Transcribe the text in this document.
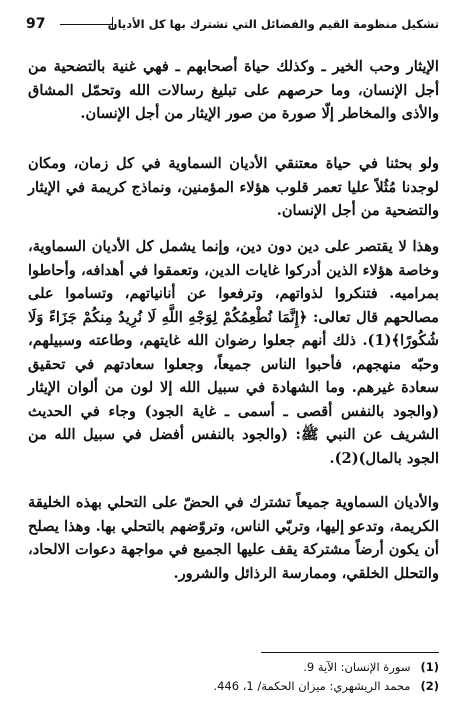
97	تشكيل منظومة القيم والفضائل التي تشترك بها كل الأديان

الإيثار وحب الخير ـ وكذلك حياة أصحابهم ـ فهي غنية بالتضحية من أجل الإنسان، وما حرصهم على تبليغ رسالات الله وتحمّل المشاق والأذى والمخاطر إلّا صورة من صور الإيثار من أجل الإنسان.

ولو بحثنا في حياة معتنقي الأديان السماوية في كل زمان، ومكان لوجدنا مُثُلاً عليا تعمر قلوب هؤلاء المؤمنين، ونماذج كريمة في الإيثار والتضحية من أجل الإنسان.

وهذا لا يقتصر على دين دون دين، وإنما يشمل كل الأديان السماوية، وخاصة هؤلاء الذين أدركوا غايات الدين، وتعمقوا في أهدافه، وأحاطوا بمراميه. فتنكروا لذواتهم، وترفعوا عن أنانياتهم، وتساموا على مصالحهم قال تعالى: ﴿إِنَّمَا نُطْعِمُكُمْ لِوَجْهِ اللَّهِ لَا نُرِيدُ مِنكُمْ جَزَاءً وَلَا شُكُورًا﴾(1). ذلك أنهم جعلوا رضوان الله غايتهم، وطاعته وسبيلهم، وحبّه منهجهم، فأحبوا الناس جميعاً، وجعلوا سعادتهم في تحقيق سعادة غيرهم. وما الشهادة في سبيل الله إلا لون من ألوان الإيثار (والجود بالنفس أقصى ـ أسمى ـ غاية الجود) وجاء في الحديث الشريف عن النبي ﷺ: (والجود بالنفس أفضل في سبيل الله من الجود بالمال)(2).

والأديان السماوية جميعاً تشترك في الحضّ على التحلي بهذه الخليقة الكريمة، وتدعو إليها، وتربّي الناس، وتروّضهم بالتحلي بها. وهذا يصلح أن يكون أرضاً مشتركة يقف عليها الجميع في مواجهة دعوات الالحاد، والتحلل الخلقي، وممارسة الرذائل والشرور.

(1)
سورة الإنسان: الآية 9.
(2)
محمد الريشهري: ميزان الحكمة/ 1، 446.
